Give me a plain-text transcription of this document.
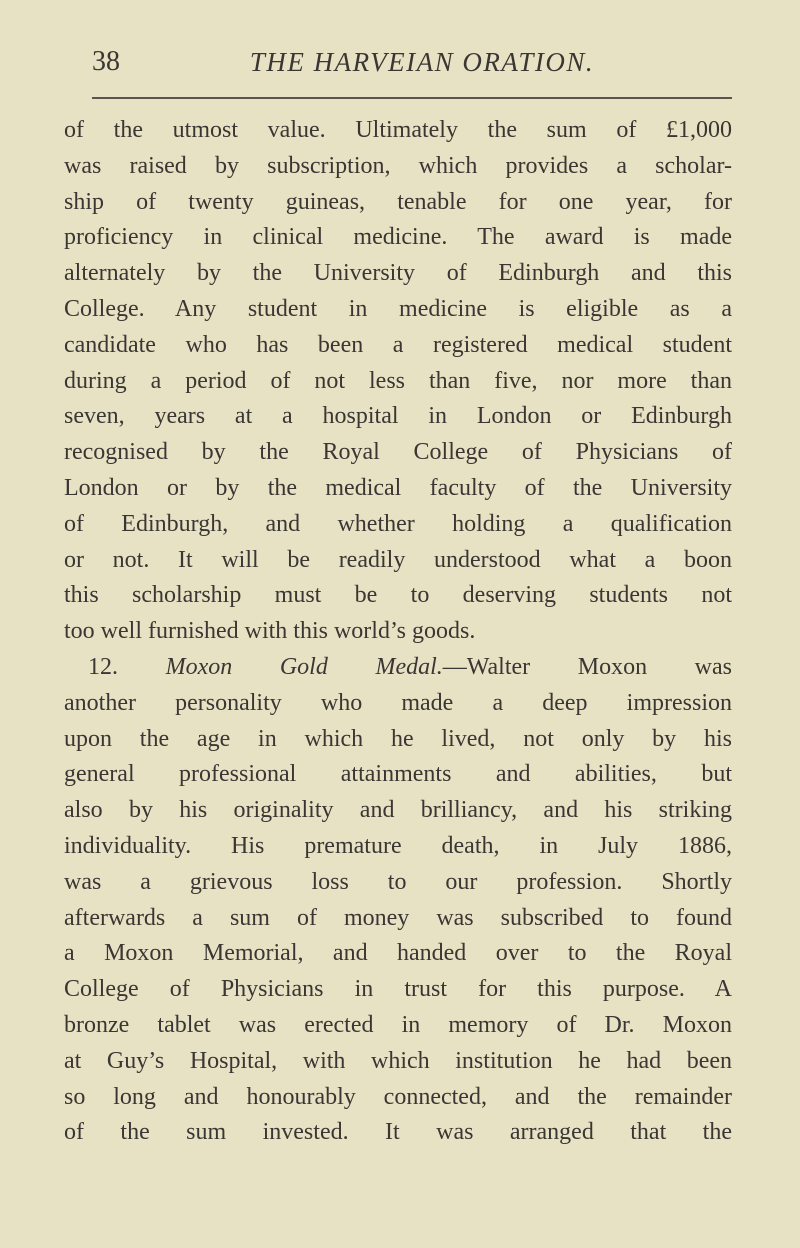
38	THE HARVEIAN ORATION.
of the utmost value. Ultimately the sum of £1,000
was raised by subscription, which provides a scholar-
ship of twenty guineas, tenable for one year, for
proficiency in clinical medicine. The award is made
alternately by the University of Edinburgh and this
College. Any student in medicine is eligible as a
candidate who has been a registered medical student
during a period of not less than five, nor more than
seven, years at a hospital in London or Edinburgh
recognised by the Royal College of Physicians of
London or by the medical faculty of the University
of Edinburgh, and whether holding a qualification
or not. It will be readily understood what a boon
this scholarship must be to deserving students not
too well furnished with this world’s goods.
12. Moxon Gold Medal.—Walter Moxon was
another personality who made a deep impression
upon the age in which he lived, not only by his
general professional attainments and abilities, but
also by his originality and brilliancy, and his striking
individuality. His premature death, in July 1886,
was a grievous loss to our profession. Shortly
afterwards a sum of money was subscribed to found
a Moxon Memorial, and handed over to the Royal
College of Physicians in trust for this purpose. A
bronze tablet was erected in memory of Dr. Moxon
at Guy’s Hospital, with which institution he had been
so long and honourably connected, and the remainder
of the sum invested. It was arranged that the
